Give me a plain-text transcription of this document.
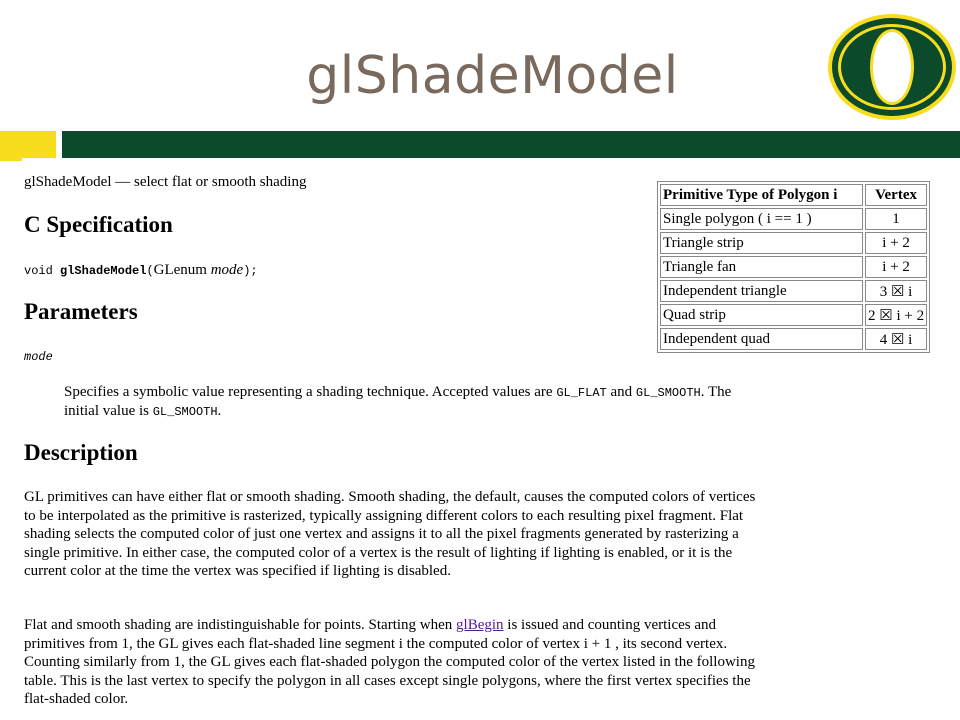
glShadeModel
glShadeModel — select flat or smooth shading
C Specification
void glShadeModel(GLenum mode);
Parameters
mode
Specifies a symbolic value representing a shading technique. Accepted values are GL_FLAT and GL_SMOOTH. The initial value is GL_SMOOTH.
Description
GL primitives can have either flat or smooth shading. Smooth shading, the default, causes the computed colors of vertices to be interpolated as the primitive is rasterized, typically assigning different colors to each resulting pixel fragment. Flat shading selects the computed color of just one vertex and assigns it to all the pixel fragments generated by rasterizing a single primitive. In either case, the computed color of a vertex is the result of lighting if lighting is enabled, or it is the current color at the time the vertex was specified if lighting is disabled.
Flat and smooth shading are indistinguishable for points. Starting when glBegin is issued and counting vertices and primitives from 1, the GL gives each flat-shaded line segment i the computed color of vertex i + 1 , its second vertex. Counting similarly from 1, the GL gives each flat-shaded polygon the computed color of the vertex listed in the following table. This is the last vertex to specify the polygon in all cases except single polygons, where the first vertex specifies the flat-shaded color.
Primitive Type of Polygon i	Vertex
Single polygon ( i == 1 )	1
Triangle strip	i + 2
Triangle fan	i + 2
Independent triangle	3 ☒ i
Quad strip	2 ☒ i + 2
Independent quad	4 ☒ i
